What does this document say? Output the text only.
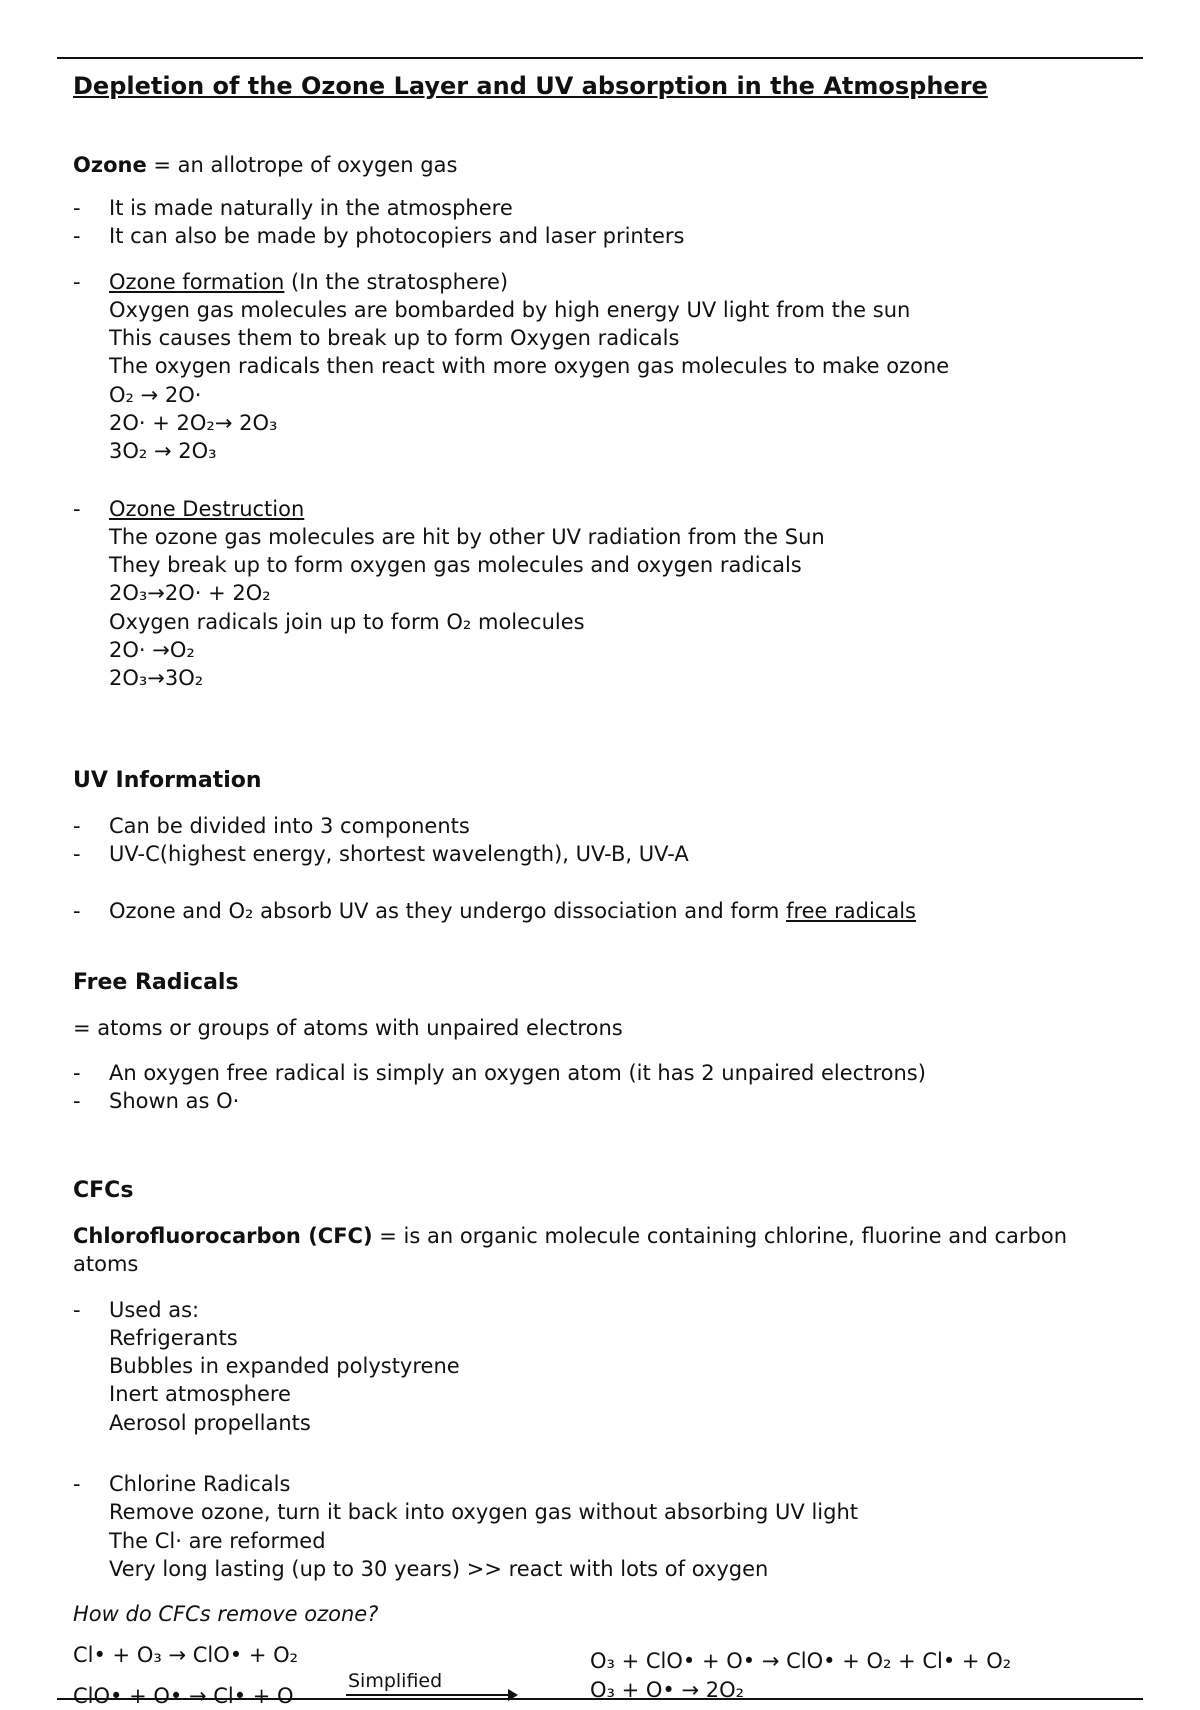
Depletion of the Ozone Layer and UV absorption in the Atmosphere
Ozone = an allotrope of oxygen gas
- It is made naturally in the atmosphere
- It can also be made by photocopiers and laser printers
- Ozone formation (In the stratosphere)
Oxygen gas molecules are bombarded by high energy UV light from the sun
This causes them to break up to form Oxygen radicals
The oxygen radicals then react with more oxygen gas molecules to make ozone
O₂ → 2O·
2O· + 2O₂→ 2O₃
3O₂ → 2O₃
- Ozone Destruction
The ozone gas molecules are hit by other UV radiation from the Sun
They break up to form oxygen gas molecules and oxygen radicals
2O₃→2O· + 2O₂
Oxygen radicals join up to form O₂ molecules
2O· →O₂
2O₃→3O₂
UV Information
- Can be divided into 3 components
- UV-C(highest energy, shortest wavelength), UV-B, UV-A
- Ozone and O₂ absorb UV as they undergo dissociation and form free radicals
Free Radicals
= atoms or groups of atoms with unpaired electrons
- An oxygen free radical is simply an oxygen atom (it has 2 unpaired electrons)
- Shown as O·
CFCs
Chlorofluorocarbon (CFC) = is an organic molecule containing chlorine, fluorine and carbon
atoms
- Used as:
Refrigerants
Bubbles in expanded polystyrene
Inert atmosphere
Aerosol propellants
- Chlorine Radicals
Remove ozone, turn it back into oxygen gas without absorbing UV light
The Cl· are reformed
Very long lasting (up to 30 years) >> react with lots of oxygen
How do CFCs remove ozone?
Cl• + O₃ → ClO• + O₂
ClO• + O• → Cl• + O
Simplified
O₃ + ClO• + O• → ClO• + O₂ + Cl• + O₂
O₃ + O• → 2O₂
